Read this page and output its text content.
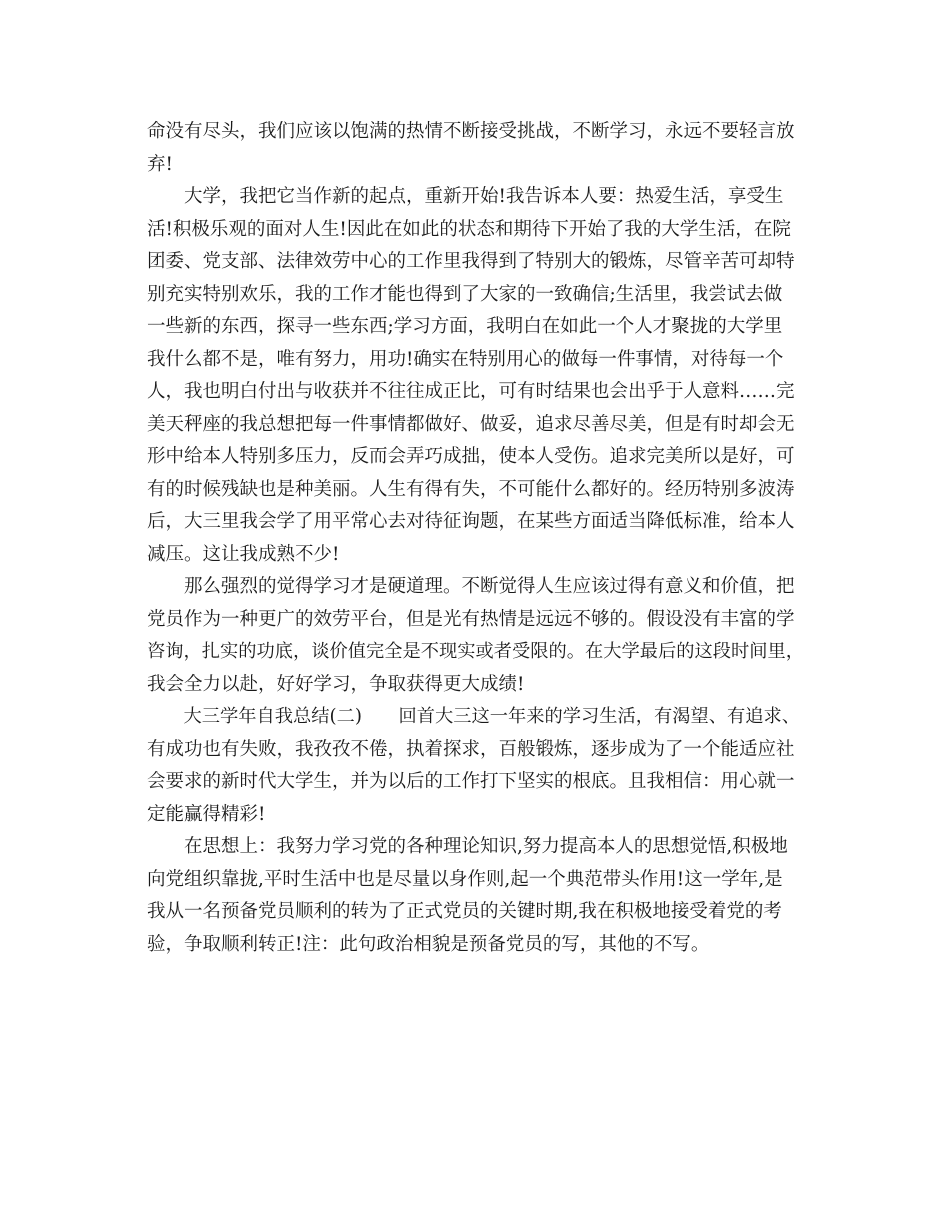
命没有尽头，我们应该以饱满的热情不断接受挑战，不断学习，永远不要轻言放
弃!
　　大学，我把它当作新的起点，重新开始!我告诉本人要：热爱生活，享受生
活!积极乐观的面对人生!因此在如此的状态和期待下开始了我的大学生活，在院
团委、党支部、法律效劳中心的工作里我得到了特别大的锻炼，尽管辛苦可却特
别充实特别欢乐，我的工作才能也得到了大家的一致确信;生活里，我尝试去做
一些新的东西，探寻一些东西;学习方面，我明白在如此一个人才聚拢的大学里
我什么都不是，唯有努力，用功!确实在特别用心的做每一件事情，对待每一个
人，我也明白付出与收获并不往往成正比，可有时结果也会出乎于人意料……完
美天秤座的我总想把每一件事情都做好、做妥，追求尽善尽美，但是有时却会无
形中给本人特别多压力，反而会弄巧成拙，使本人受伤。追求完美所以是好，可
有的时候残缺也是种美丽。人生有得有失，不可能什么都好的。经历特别多波涛
后，大三里我会学了用平常心去对待征询题，在某些方面适当降低标准，给本人
减压。这让我成熟不少!
　　那么强烈的觉得学习才是硬道理。不断觉得人生应该过得有意义和价值，把
党员作为一种更广的效劳平台，但是光有热情是远远不够的。假设没有丰富的学
咨询，扎实的功底，谈价值完全是不现实或者受限的。在大学最后的这段时间里，
我会全力以赴，好好学习，争取获得更大成绩!
　　大三学年自我总结(二)　　回首大三这一年来的学习生活，有渴望、有追求、
有成功也有失败，我孜孜不倦，执着探求，百般锻炼，逐步成为了一个能适应社
会要求的新时代大学生，并为以后的工作打下坚实的根底。且我相信：用心就一
定能赢得精彩!
　　在思想上：我努力学习党的各种理论知识,努力提高本人的思想觉悟,积极地
向党组织靠拢,平时生活中也是尽量以身作则,起一个典范带头作用!这一学年,是
我从一名预备党员顺利的转为了正式党员的关键时期,我在积极地接受着党的考
验，争取顺利转正!注：此句政治相貌是预备党员的写，其他的不写。
